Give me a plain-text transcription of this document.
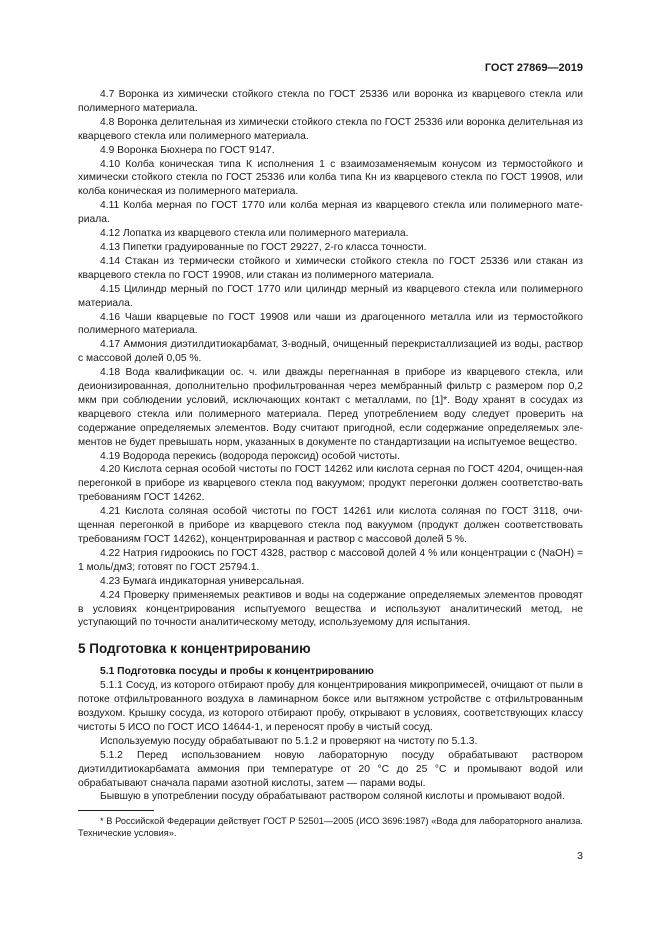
ГОСТ 27869—2019

4.7 Воронка из химически стойкого стекла по ГОСТ 25336 или воронка из кварцевого стекла или полимерного материала.

4.8 Воронка делительная из химически стойкого стекла по ГОСТ 25336 или воронка делительная из кварцевого стекла или полимерного материала.

4.9 Воронка Бюхнера по ГОСТ 9147.

4.10 Колба коническая типа К исполнения 1 с взаимозаменяемым конусом из термостойкого и химически стойкого стекла по ГОСТ 25336 или колба типа Кн из кварцевого стекла по ГОСТ 19908, или колба коническая из полимерного материала.

4.11 Колба мерная по ГОСТ 1770 или колба мерная из кварцевого стекла или полимерного мате-риала.

4.12 Лопатка из кварцевого стекла или полимерного материала.

4.13 Пипетки градуированные по ГОСТ 29227, 2-го класса точности.

4.14 Стакан из термически стойкого и химически стойкого стекла по ГОСТ 25336 или стакан из кварцевого стекла по ГОСТ 19908, или стакан из полимерного материала.

4.15 Цилиндр мерный по ГОСТ 1770 или цилиндр мерный из кварцевого стекла или полимерного материала.

4.16 Чаши кварцевые по ГОСТ 19908 или чаши из драгоценного металла или из термостойкого полимерного материала.

4.17 Аммония диэтилдитиокарбамат, 3-водный, очищенный перекристаллизацией из воды, раствор с массовой долей 0,05 %.

4.18 Вода квалификации ос. ч. или дважды перегнанная в приборе из кварцевого стекла, или деионизированная, дополнительно профильтрованная через мембранный фильтр с размером пор 0,2 мкм при соблюдении условий, исключающих контакт с металлами, по [1]*. Воду хранят в сосудах из кварцевого стекла или полимерного материала. Перед употреблением воду следует проверить на содержание определяемых элементов. Воду считают пригодной, если содержание определяемых эле-ментов не будет превышать норм, указанных в документе по стандартизации на испытуемое вещество.

4.19 Водорода перекись (водорода пероксид) особой чистоты.

4.20 Кислота серная особой чистоты по ГОСТ 14262 или кислота серная по ГОСТ 4204, очищен-ная перегонкой в приборе из кварцевого стекла под вакуумом; продукт перегонки должен соответство-вать требованиям ГОСТ 14262.

4.21 Кислота соляная особой чистоты по ГОСТ 14261 или кислота соляная по ГОСТ 3118, очи-щенная перегонкой в приборе из кварцевого стекла под вакуумом (продукт должен соответствовать требованиям ГОСТ 14262), концентрированная и раствор с массовой долей 5 %.

4.22 Натрия гидроокись по ГОСТ 4328, раствор с массовой долей 4 % или концентрации c (NaOH) = 1 моль/дм3; готовят по ГОСТ 25794.1.

4.23 Бумага индикаторная универсальная.

4.24 Проверку применяемых реактивов и воды на содержание определяемых элементов проводят в условиях концентрирования испытуемого вещества и используют аналитический метод, не уступающий по точности аналитическому методу, используемому для испытания.

5 Подготовка к концентрированию
5.1 Подготовка посуды и пробы к концентрированию

5.1.1 Сосуд, из которого отбирают пробу для концентрирования микропримесей, очищают от пыли в потоке отфильтрованного воздуха в ламинарном боксе или вытяжном устройстве с отфильтрованным воздухом. Крышку сосуда, из которого отбирают пробу, открывают в условиях, соответствующих классу чистоты 5 ИСО по ГОСТ ИСО 14644-1, и переносят пробу в чистый сосуд.

Используемую посуду обрабатывают по 5.1.2 и проверяют на чистоту по 5.1.3.

5.1.2 Перед использованием новую лабораторную посуду обрабатывают раствором диэтилдитиокарбамата аммония при температуре от 20 °C до 25 °C и промывают водой или обрабатывают сначала парами азотной кислоты, затем — парами воды.

Бывшую в употреблении посуду обрабатывают раствором соляной кислоты и промывают водой.

* В Российской Федерации действует ГОСТ Р 52501—2005 (ИСО 3696:1987) «Вода для лабораторного анализа. Технические условия».
3
